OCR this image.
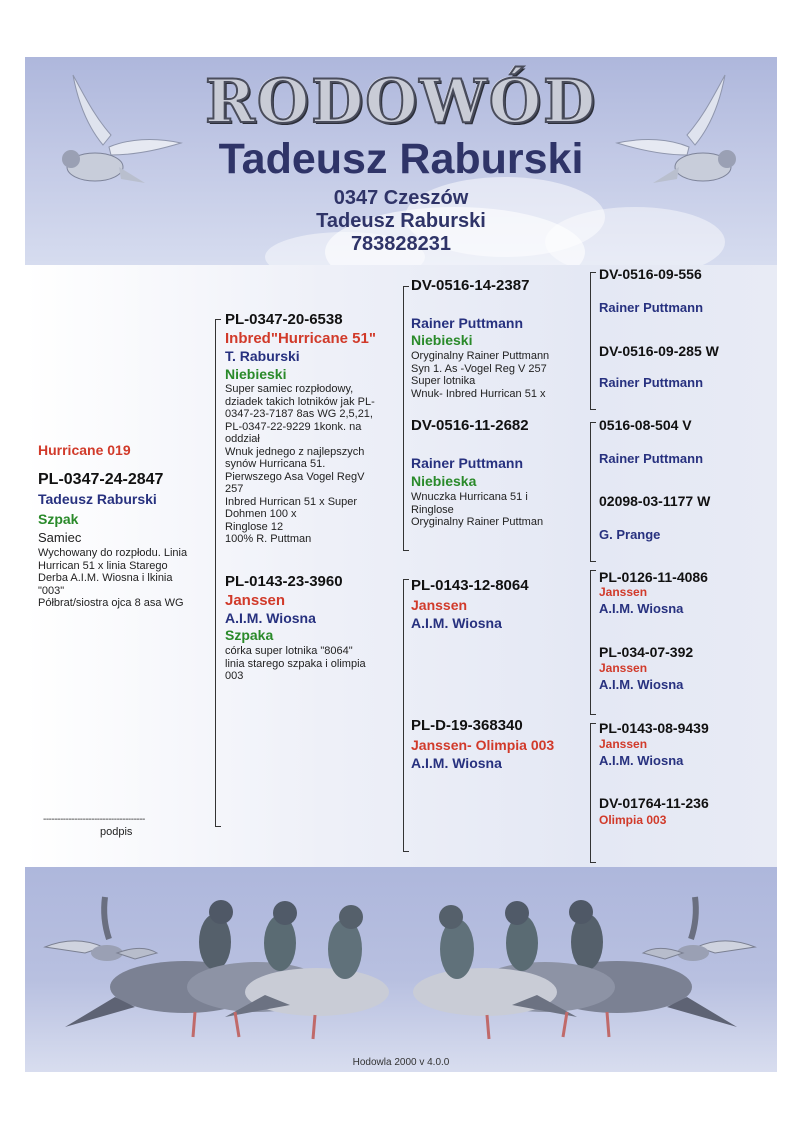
RODOWÓD
Tadeusz Raburski
0347 Czeszów
Tadeusz Raburski
783828231
Hurricane 019
PL-0347-24-2847
Tadeusz Raburski
Szpak
Samiec
Wychowany do rozpłodu. Linia
Hurrican 51 x linia Starego
Derba A.I.M. Wiosna i lkinia
"003"
Półbrat/siostra ojca 8 asa WG
------------------------------------
podpis
PL-0347-20-6538
Inbred"Hurricane 51"
T. Raburski
Niebieski
Super samiec rozpłodowy,
dziadek takich lotników jak PL-
0347-23-7187 8as WG 2,5,21,
PL-0347-22-9229 1konk. na
oddział
Wnuk jednego z najlepszych
synów Hurricana 51.
Pierwszego Asa Vogel RegV
257
Inbred Hurrican 51 x Super
Dohmen 100 x
Ringlose 12
100% R. Puttman
PL-0143-23-3960
Janssen
A.I.M. Wiosna
Szpaka
córka super lotnika "8064"
linia starego szpaka i olimpia
003
DV-0516-14-2387
Rainer Puttmann
Niebieski
Oryginalny Rainer Puttmann
Syn 1. As -Vogel Reg V 257
Super lotnika
Wnuk- Inbred Hurrican 51 x
DV-0516-11-2682
Rainer Puttmann
Niebieska
Wnuczka Hurricana 51 i
Ringlose
Oryginalny Rainer Puttman
PL-0143-12-8064
Janssen
A.I.M. Wiosna
PL-D-19-368340
Janssen- Olimpia 003
A.I.M. Wiosna
DV-0516-09-556
Rainer Puttmann
DV-0516-09-285 W
Rainer Puttmann
0516-08-504 V
Rainer Puttmann
02098-03-1177 W
G. Prange
PL-0126-11-4086
Janssen
A.I.M. Wiosna
PL-034-07-392
Janssen
A.I.M. Wiosna
PL-0143-08-9439
Janssen
A.I.M. Wiosna
DV-01764-11-236
Olimpia 003
Hodowla 2000 v 4.0.0
